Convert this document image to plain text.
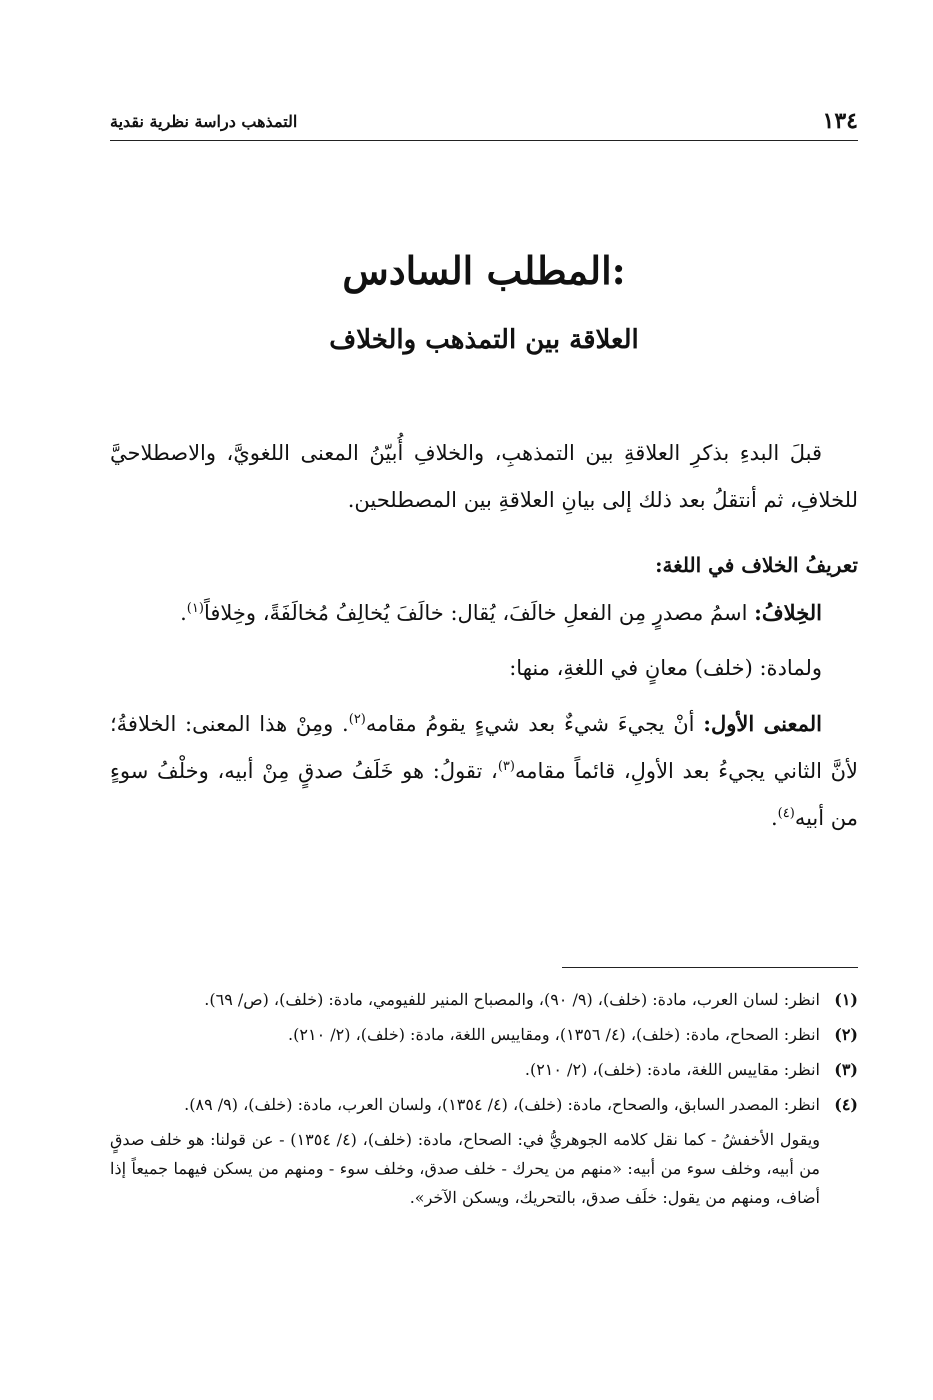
١٣٤
التمذهب دراسة نظرية نقدية
المطلب السادس:
العلاقة بين التمذهب والخلاف

قبلَ البدءِ بذكرِ العلاقةِ بين التمذهبِ، والخلافِ أُبيّنُ المعنى اللغويَّ، والاصطلاحيَّ للخلافِ، ثم أنتقلُ بعد ذلك إلى بيانِ العلاقةِ بين المصطلحين.

تعريفُ الخلاف في اللغة:

الخِلافُ: اسمُ مصدرٍ مِن الفعلِ خالَفَ، يُقال: خالَفَ يُخالِفُ مُخالَفَةً، وخِلافاً$^{(١)}$.

ولمادة: (خلف) معانٍ في اللغةِ، منها:

المعنى الأول: أنْ يجيءَ شيءٌ بعد شيءٍ يقومُ مقامه$^{(٢)}$. ومِنْ هذا المعنى: الخلافةُ؛ لأنَّ الثاني يجيءُ بعد الأولِ، قائماً مقامه$^{(٣)}$، تقولُ: هو خَلَفُ صدقٍ مِنْ أبيه، وخلْفُ سوءٍ من أبيه$^{(٤)}$.

(١)
انظر: لسان العرب، مادة: (خلف)، (٩/ ٩٠)، والمصباح المنير للفيومي، مادة: (خلف)، (ص/ ٦٩).
(٢)
انظر: الصحاح، مادة: (خلف)، (٤/ ١٣٥٦)، ومقاييس اللغة، مادة: (خلف)، (٢/ ٢١٠).
(٣)
انظر: مقاييس اللغة، مادة: (خلف)، (٢/ ٢١٠).
(٤)
انظر: المصدر السابق، والصحاح، مادة: (خلف)، (٤/ ١٣٥٤)، ولسان العرب، مادة: (خلف)، (٩/ ٨٩).
ويقول الأخفشُ - كما نقل كلامه الجوهريُّ في: الصحاح، مادة: (خلف)، (٤/ ١٣٥٤) - عن قولنا: هو خلف صدقٍ من أبيه، وخلف سوء من أبيه: «منهم من يحرك - خلف صدق، وخلف سوء - ومنهم من يسكن فيهما جميعاً إذا أضاف، ومنهم من يقول: خلَف صدق، بالتحريك، ويسكن الآخر».
